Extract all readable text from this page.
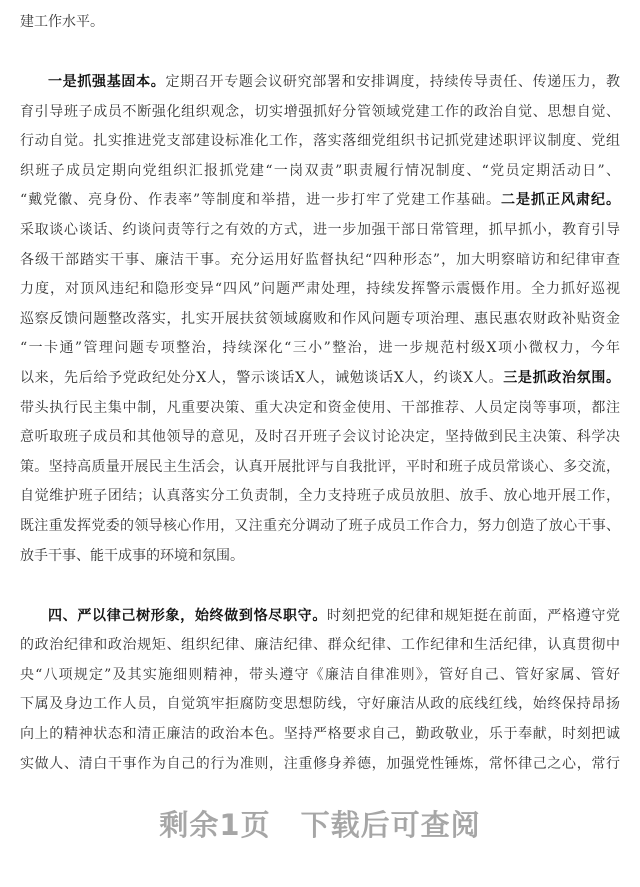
建工作水平。
一是抓强基固本。定期召开专题会议研究部署和安排调度，持续传导责任、传递压力，教
育引导班子成员不断强化组织观念，切实增强抓好分管领域党建工作的政治自觉、思想自觉、
行动自觉。扎实推进党支部建设标准化工作，落实落细党组织书记抓党建述职评议制度、党组
织班子成员定期向党组织汇报抓党建“一岗双责”职责履行情况制度、“党员定期活动日”、
“戴党徽、亮身份、作表率”等制度和举措，进一步打牢了党建工作基础。二是抓正风肃纪。
采取谈心谈话、约谈问责等行之有效的方式，进一步加强干部日常管理，抓早抓小，教育引导
各级干部踏实干事、廉洁干事。充分运用好监督执纪“四种形态”，加大明察暗访和纪律审查
力度，对顶风违纪和隐形变异“四风”问题严肃处理，持续发挥警示震慑作用。全力抓好巡视
巡察反馈问题整改落实，扎实开展扶贫领域腐败和作风问题专项治理、惠民惠农财政补贴资金
“一卡通”管理问题专项整治，持续深化“三小”整治，进一步规范村级X项小微权力，今年
以来，先后给予党政纪处分X人，警示谈话X人，诫勉谈话X人，约谈X人。三是抓政治氛围。
带头执行民主集中制，凡重要决策、重大决定和资金使用、干部推荐、人员定岗等事项，都注
意听取班子成员和其他领导的意见，及时召开班子会议讨论决定，坚持做到民主决策、科学决
策。坚持高质量开展民主生活会，认真开展批评与自我批评，平时和班子成员常谈心、多交流，
自觉维护班子团结；认真落实分工负责制，全力支持班子成员放胆、放手、放心地开展工作，
既注重发挥党委的领导核心作用，又注重充分调动了班子成员工作合力，努力创造了放心干事、
放手干事、能干成事的环境和氛围。
四、严以律己树形象，始终做到恪尽职守。时刻把党的纪律和规矩挺在前面，严格遵守党
的政治纪律和政治规矩、组织纪律、廉洁纪律、群众纪律、工作纪律和生活纪律，认真贯彻中
央“八项规定”及其实施细则精神，带头遵守《廉洁自律准则》，管好自己、管好家属、管好
下属及身边工作人员，自觉筑牢拒腐防变思想防线，守好廉洁从政的底线红线，始终保持昂扬
向上的精神状态和清正廉洁的政治本色。坚持严格要求自己，勤政敬业，乐于奉献，时刻把诚
实做人、清白干事作为自己的行为准则，注重修身养德，加强党性锤炼，常怀律己之心，常行
剩余1页 下载后可查阅
